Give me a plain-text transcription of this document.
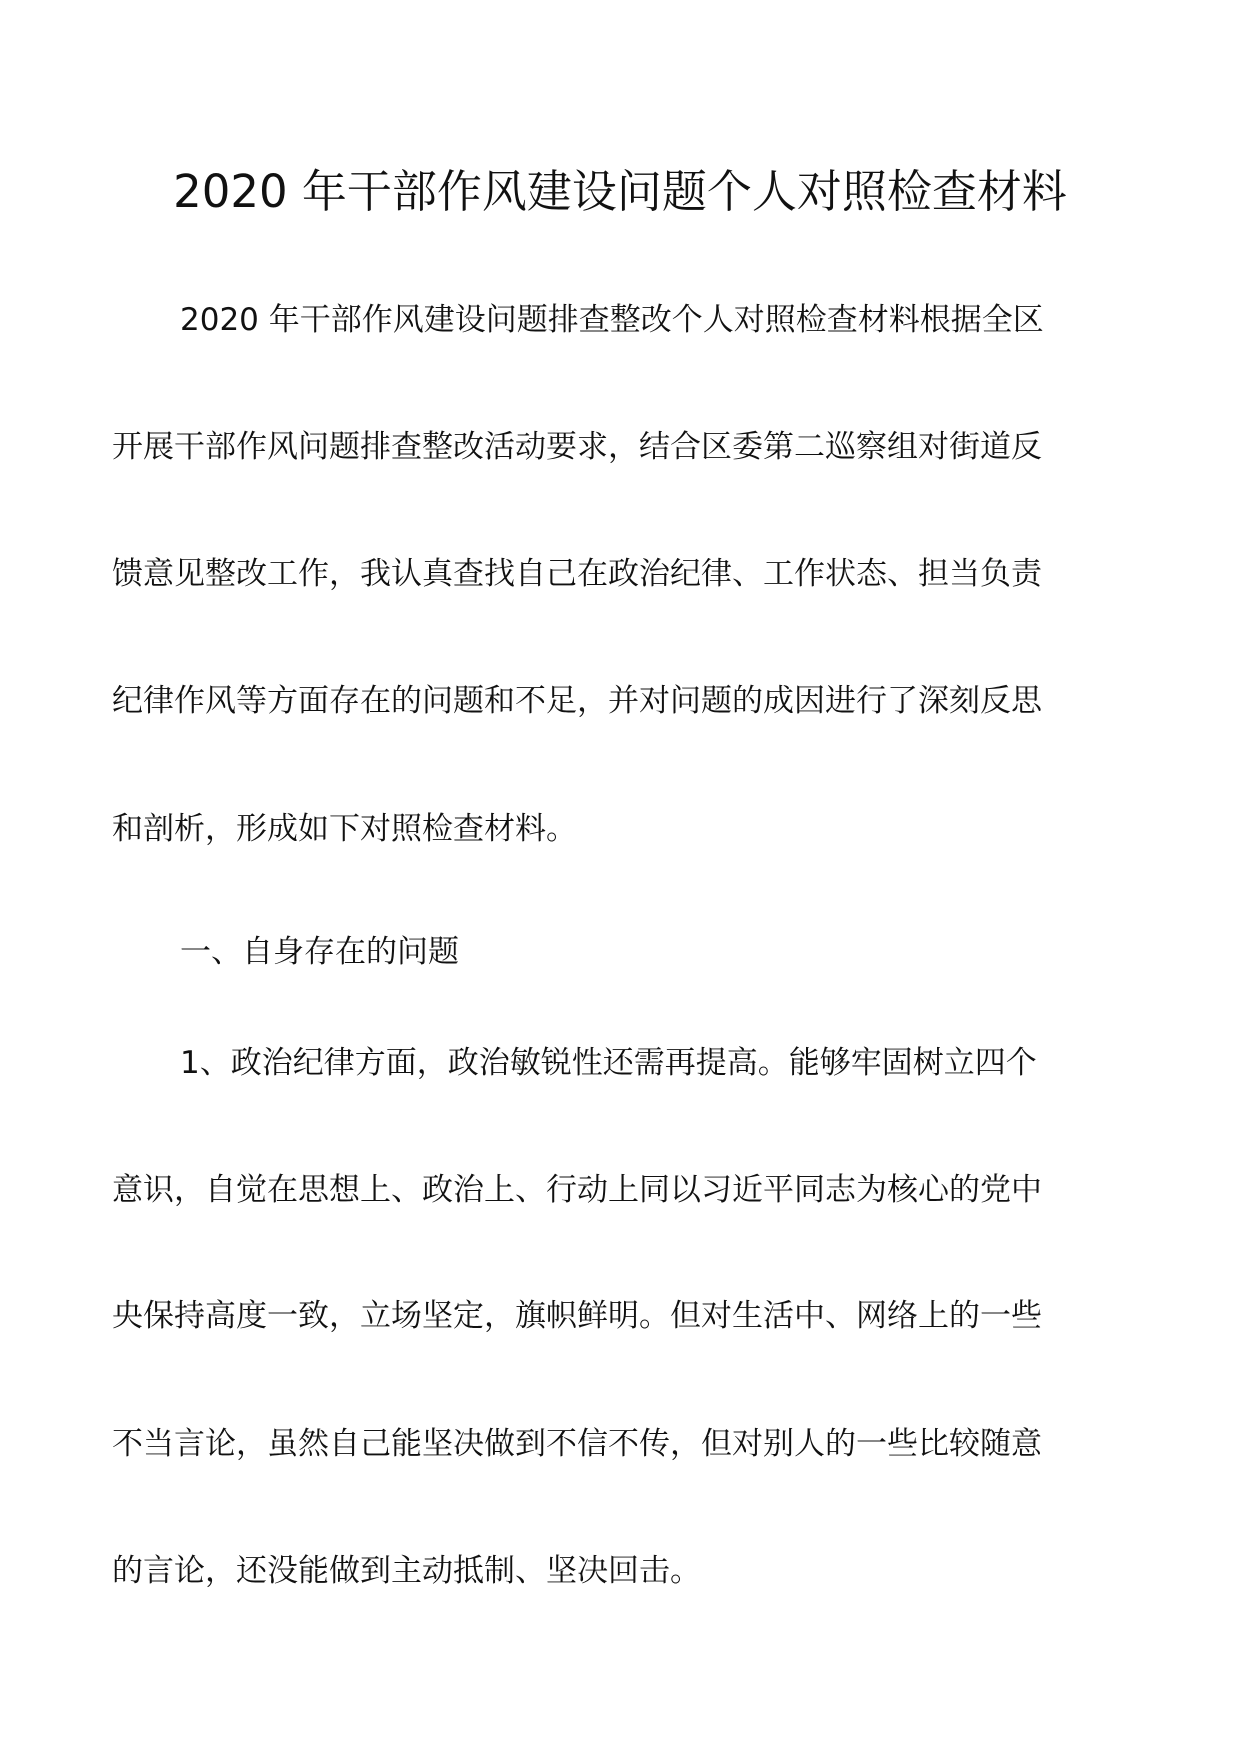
2020 年干部作风建设问题个人对照检查材料
2020 年干部作风建设问题排查整改个人对照检查材料根据全区
开展干部作风问题排查整改活动要求，结合区委第二巡察组对街道反
馈意见整改工作，我认真查找自己在政治纪律、工作状态、担当负责
纪律作风等方面存在的问题和不足，并对问题的成因进行了深刻反思
和剖析，形成如下对照检查材料。
一、自身存在的问题
1、政治纪律方面，政治敏锐性还需再提高。能够牢固树立四个
意识，自觉在思想上、政治上、行动上同以习近平同志为核心的党中
央保持高度一致，立场坚定，旗帜鲜明。但对生活中、网络上的一些
不当言论，虽然自己能坚决做到不信不传，但对别人的一些比较随意
的言论，还没能做到主动抵制、坚决回击。
